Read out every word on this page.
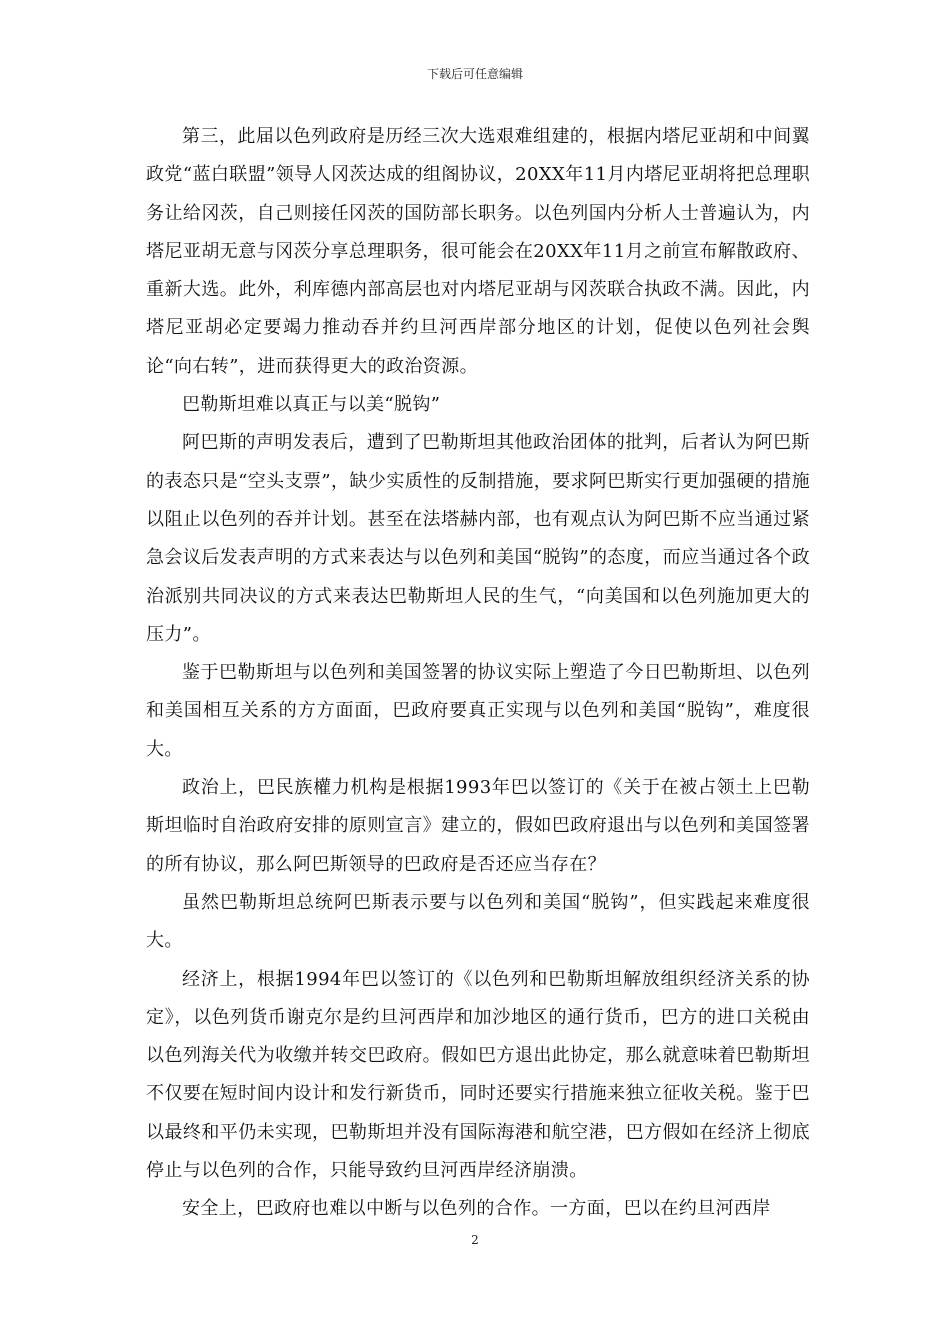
下载后可任意编辑

第三，此届以色列政府是历经三次大选艰难组建的，根据内塔尼亚胡和中间翼政党“蓝白联盟”领导人冈茨达成的组阁协议，20XX年11月内塔尼亚胡将把总理职务让给冈茨，自己则接任冈茨的国防部长职务。以色列国内分析人士普遍认为，内塔尼亚胡无意与冈茨分享总理职务，很可能会在20XX年11月之前宣布解散政府、重新大选。此外，利库德内部高层也对内塔尼亚胡与冈茨联合执政不满。因此，内塔尼亚胡必定要竭力推动吞并约旦河西岸部分地区的计划，促使以色列社会舆论“向右转”，进而获得更大的政治资源。

巴勒斯坦难以真正与以美“脱钩”

阿巴斯的声明发表后，遭到了巴勒斯坦其他政治团体的批判，后者认为阿巴斯的表态只是“空头支票”，缺少实质性的反制措施，要求阿巴斯实行更加强硬的措施以阻止以色列的吞并计划。甚至在法塔赫内部，也有观点认为阿巴斯不应当通过紧急会议后发表声明的方式来表达与以色列和美国“脱钩”的态度，而应当通过各个政治派别共同决议的方式来表达巴勒斯坦人民的生气，“向美国和以色列施加更大的压力”。

鉴于巴勒斯坦与以色列和美国签署的协议实际上塑造了今日巴勒斯坦、以色列和美国相互关系的方方面面，巴政府要真正实现与以色列和美国“脱钩”，难度很大。

政治上，巴民族權力机构是根据1993年巴以签订的《关于在被占领土上巴勒斯坦临时自治政府安排的原则宣言》建立的，假如巴政府退出与以色列和美国签署的所有协议，那么阿巴斯领导的巴政府是否还应当存在？

虽然巴勒斯坦总统阿巴斯表示要与以色列和美国“脱钩”，但实践起来难度很大。

经济上，根据1994年巴以签订的《以色列和巴勒斯坦解放组织经济关系的协定》，以色列货币谢克尔是约旦河西岸和加沙地区的通行货币，巴方的进口关税由以色列海关代为收缴并转交巴政府。假如巴方退出此协定，那么就意味着巴勒斯坦不仅要在短时间内设计和发行新货币，同时还要实行措施来独立征收关税。鉴于巴以最终和平仍未实现，巴勒斯坦并没有国际海港和航空港，巴方假如在经济上彻底停止与以色列的合作，只能导致约旦河西岸经济崩溃。

安全上，巴政府也难以中断与以色列的合作。一方面，巴以在约旦河西岸

2
